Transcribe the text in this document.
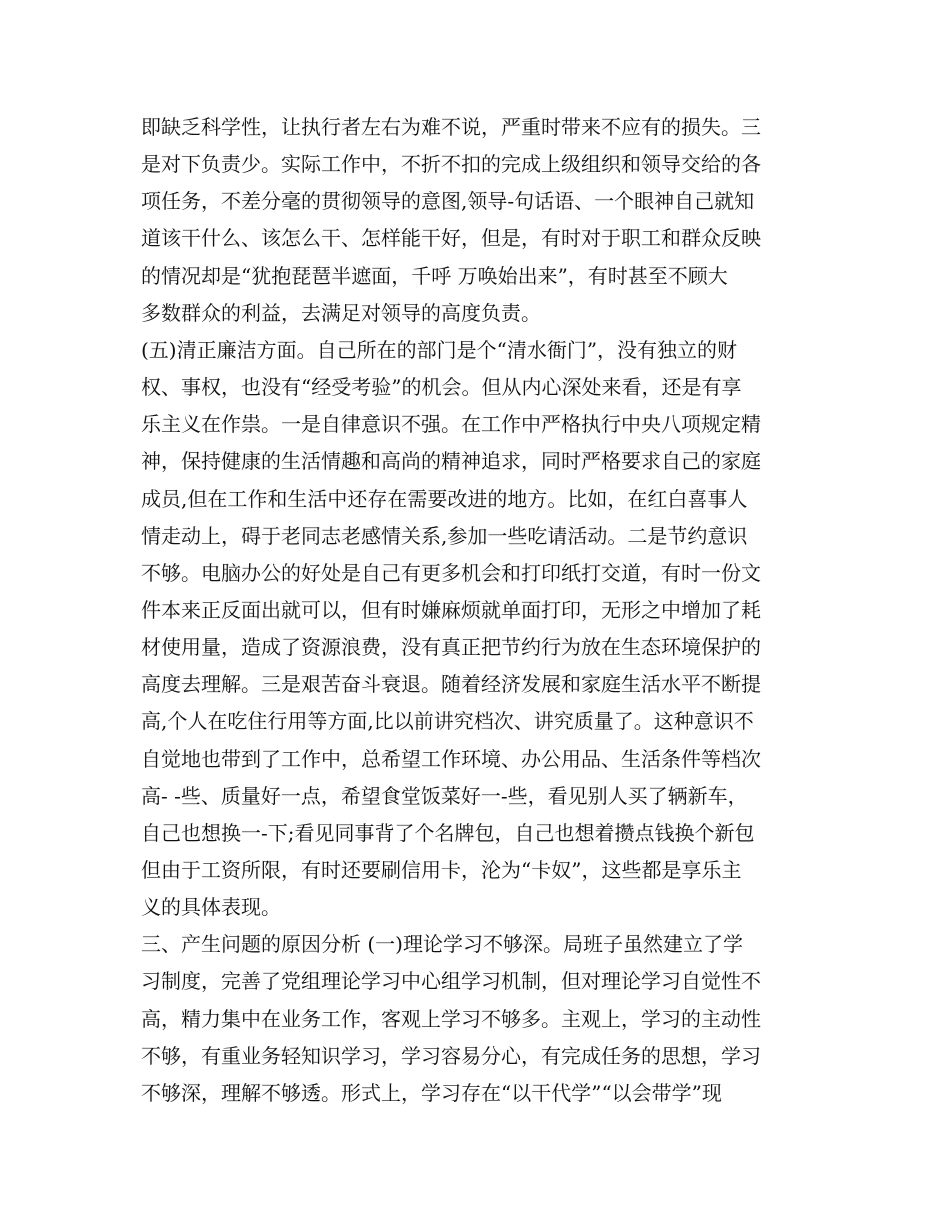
即缺乏科学性，让执行者左右为难不说，严重时带来不应有的损失。三
是对下负责少。实际工作中，不折不扣的完成上级组织和领导交给的各
项任务，不差分毫的贯彻领导的意图,领导-句话语、一个眼神自己就知
道该干什么、该怎么干、怎样能干好，但是，有时对于职工和群众反映
的情况却是“犹抱琵琶半遮面，千呼 万唤始出来”，有时甚至不顾大
多数群众的利益，去满足对领导的高度负责。
(五)清正廉洁方面。自己所在的部门是个“清水衙门”，没有独立的财
权、事权，也没有“经受考验”的机会。但从内心深处来看，还是有享
乐主义在作祟。一是自律意识不强。在工作中严格执行中央八项规定精
神，保持健康的生活情趣和高尚的精神追求，同时严格要求自己的家庭
成员,但在工作和生活中还存在需要改进的地方。比如，在红白喜事人
情走动上，碍于老同志老感情关系,参加一些吃请活动。二是节约意识
不够。电脑办公的好处是自己有更多机会和打印纸打交道，有时一份文
件本来正反面出就可以，但有时嫌麻烦就单面打印，无形之中增加了耗
材使用量，造成了资源浪费，没有真正把节约行为放在生态环境保护的
高度去理解。三是艰苦奋斗衰退。随着经济发展和家庭生活水平不断提
高,个人在吃住行用等方面,比以前讲究档次、讲究质量了。这种意识不
自觉地也带到了工作中，总希望工作环境、办公用品、生活条件等档次
高- -些、质量好一点，希望食堂饭菜好一-些，看见别人买了辆新车，
自己也想换一-下;看见同事背了个名牌包，自己也想着攒点钱换个新包
但由于工资所限，有时还要刷信用卡，沦为“卡奴”，这些都是享乐主
义的具体表现。
三、产生问题的原因分析 (一)理论学习不够深。局班子虽然建立了学
习制度，完善了党组理论学习中心组学习机制，但对理论学习自觉性不
高，精力集中在业务工作，客观上学习不够多。主观上，学习的主动性
不够，有重业务轻知识学习，学习容易分心，有完成任务的思想，学习
不够深，理解不够透。形式上，学习存在“以干代学”“以会带学”现
